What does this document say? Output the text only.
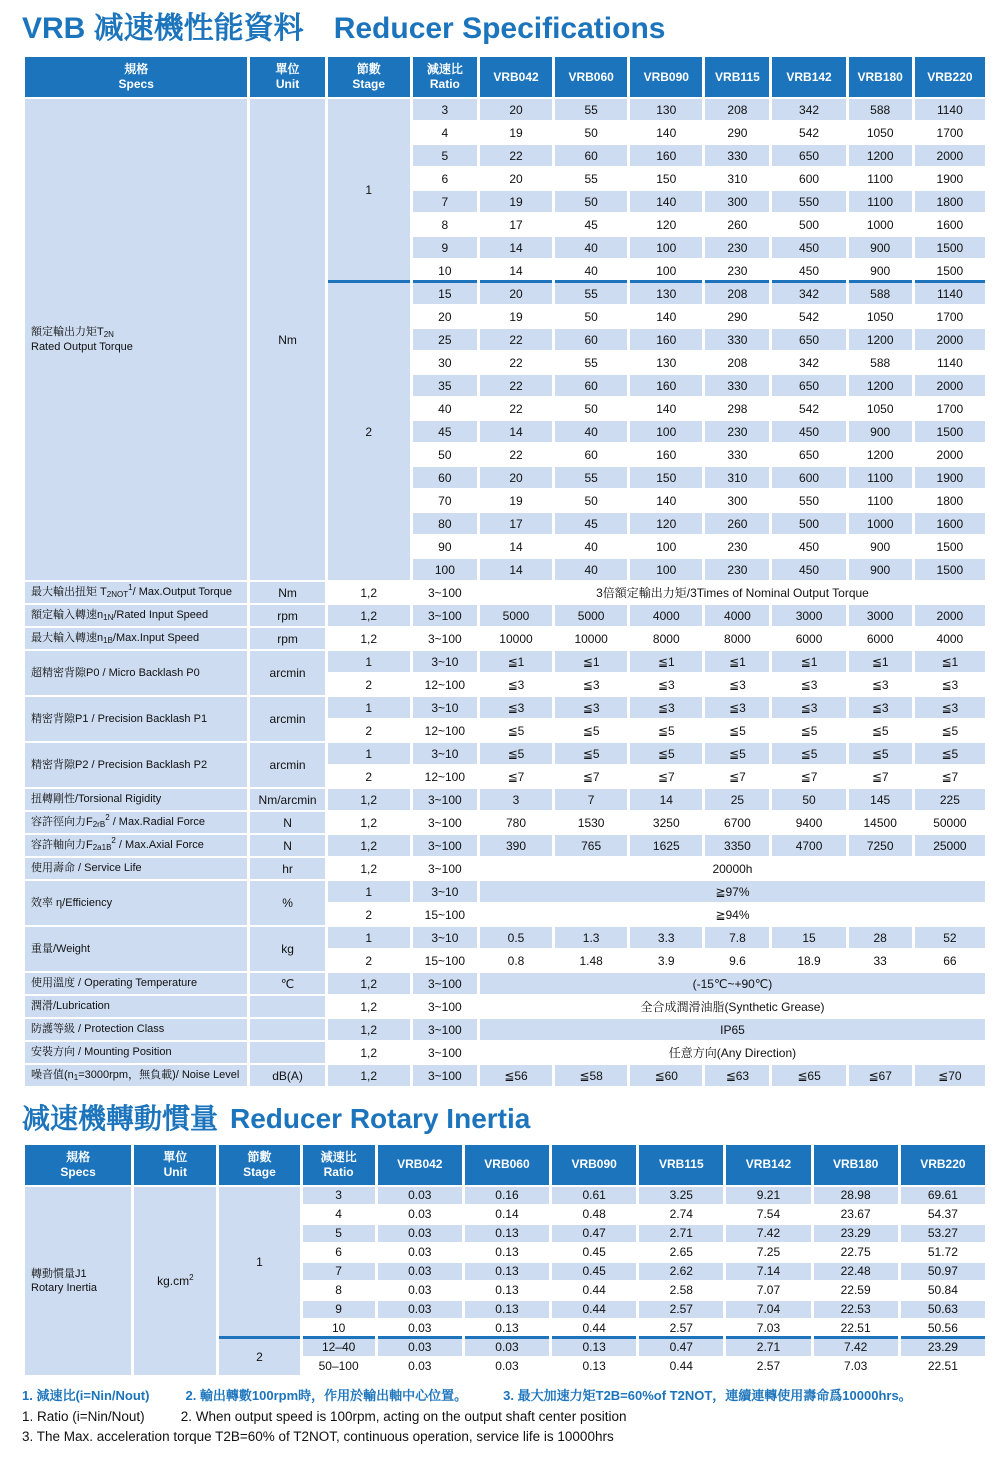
VRB 减速機性能資料 Reducer Specifications
規格
Specs	單位
Unit	節數
Stage	減速比
Ratio	VRB042	VRB060	VRB090	VRB115	VRB142	VRB180	VRB220
額定輸出力矩$T_{2N}$
Rated Output Torque	Nm	1	3	20	55	130	208	342	588	1140
			4	19	50	140	290	542	1050	1700
			5	22	60	160	330	650	1200	2000
			6	20	55	150	310	600	1100	1900
			7	19	50	140	300	550	1100	1800
			8	17	45	120	260	500	1000	1600
			9	14	40	100	230	450	900	1500
			10	14	40	100	230	450	900	1500
		2	15	20	55	130	208	342	588	1140
			20	19	50	140	290	542	1050	1700
			25	22	60	160	330	650	1200	2000
			30	22	55	130	208	342	588	1140
			35	22	60	160	330	650	1200	2000
			40	22	50	140	298	542	1050	1700
			45	14	40	100	230	450	900	1500
			50	22	60	160	330	650	1200	2000
			60	20	55	150	310	600	1100	1900
			70	19	50	140	300	550	1100	1800
			80	17	45	120	260	500	1000	1600
			90	14	40	100	230	450	900	1500
			100	14	40	100	230	450	900	1500
最大輸出扭矩 $T_{2NOT}^1/$ Max.Output Torque	Nm	1,2	3~100	3倍額定輸出力矩/3Times of Nominal Output Torque						
額定輸入轉速$n_{1N}$/Rated Input Speed	rpm	1,2	3~100	5000	5000	4000	4000	3000	3000	2000
最大輸入轉速$n_{1B}/Max.Input$ Speed	rpm	1,2	3~100	10000	10000	8000	8000	6000	6000	4000
超精密背隙P0 / Micro Backlash P0	arcmin	1	3~10	≦1	≦1	≦1	≦1	≦1	≦1	≦1
		2	12~100	≦3	≦3	≦3	≦3	≦3	≦3	≦3
精密背隙P1 / Precision Backlash P1	arcmin	1	3~10	≦3	≦3	≦3	≦3	≦3	≦3	≦3
		2	12~100	≦5	≦5	≦5	≦5	≦5	≦5	≦5
精密背隙P2 / Precision Backlash P2	arcmin	1	3~10	≦5	≦5	≦5	≦5	≦5	≦5	≦5
		2	12~100	≦7	≦7	≦7	≦7	≦7	≦7	≦7
扭轉剛性/Torsional Rigidity	Nm/arcmin	1,2	3~100	3	7	14	25	50	145	225
容許徑向力$F_{2rB}^2$ / Max.Radial Force	N	1,2	3~100	780	1530	3250	6700	9400	14500	50000
容許軸向力$F_{2a1B}^2$ / Max.Axial Force	N	1,2	3~100	390	765	1625	3350	4700	7250	25000
使用壽命 / Service Life	hr	1,2	3~100	20000h						
效率 η/Efficiency	%	1	3~10	≧97%						
		2	15~100	≧94%						
重量/Weight	kg	1	3~10	0.5	1.3	3.3	7.8	15	28	52
		2	15~100	0.8	1.48	3.9	9.6	18.9	33	66
使用溫度 / Operating Temperature	℃	1,2	3~100	(-15℃~+90℃)						
潤滑/Lubrication		1,2	3~100	全合成潤滑油脂(Synthetic Grease)						
防護等級 / Protection Class		1,2	3~100	IP65						
安裝方向 / Mounting Position		1,2	3~100	任意方向(Any Direction)						
噪音值($n_1=3000rpm$，無負載)/ Noise Level	dB(A)	1,2	3~100	≦56	≦58	≦60	≦63	≦65	≦67	≦70
减速機轉動慣量 Reducer Rotary Inertia
規格
Specs	單位
Unit	節數
Stage	減速比
Ratio	VRB042	VRB060	VRB090	VRB115	VRB142	VRB180	VRB220
轉動慣量J1
Rotary Inertia	$kg.cm^2$	1	3	0.03	0.16	0.61	3.25	9.21	28.98	69.61
			4	0.03	0.14	0.48	2.74	7.54	23.67	54.37
			5	0.03	0.13	0.47	2.71	7.42	23.29	53.27
			6	0.03	0.13	0.45	2.65	7.25	22.75	51.72
			7	0.03	0.13	0.45	2.62	7.14	22.48	50.97
			8	0.03	0.13	0.44	2.58	7.07	22.59	50.84
			9	0.03	0.13	0.44	2.57	7.04	22.53	50.63
			10	0.03	0.13	0.44	2.57	7.03	22.51	50.56
		2	12–40	0.03	0.03	0.13	0.47	2.71	7.42	23.29
			50–100	0.03	0.03	0.13	0.44	2.57	7.03	22.51
1. 減速比(i=Nin/Nout)	2. 輸出轉數100rpm時，作用於輸出軸中心位置。	3. 最大加速力矩T2B=60%of T2NOT，連續連轉使用壽命爲10000hrs。
1. Ratio (i=Nin/Nout)	2. When output speed is 100rpm, acting on the output shaft center position
3. The Max. acceleration torque T2B=60% of T2NOT, continuous operation, service life is 10000hrs
